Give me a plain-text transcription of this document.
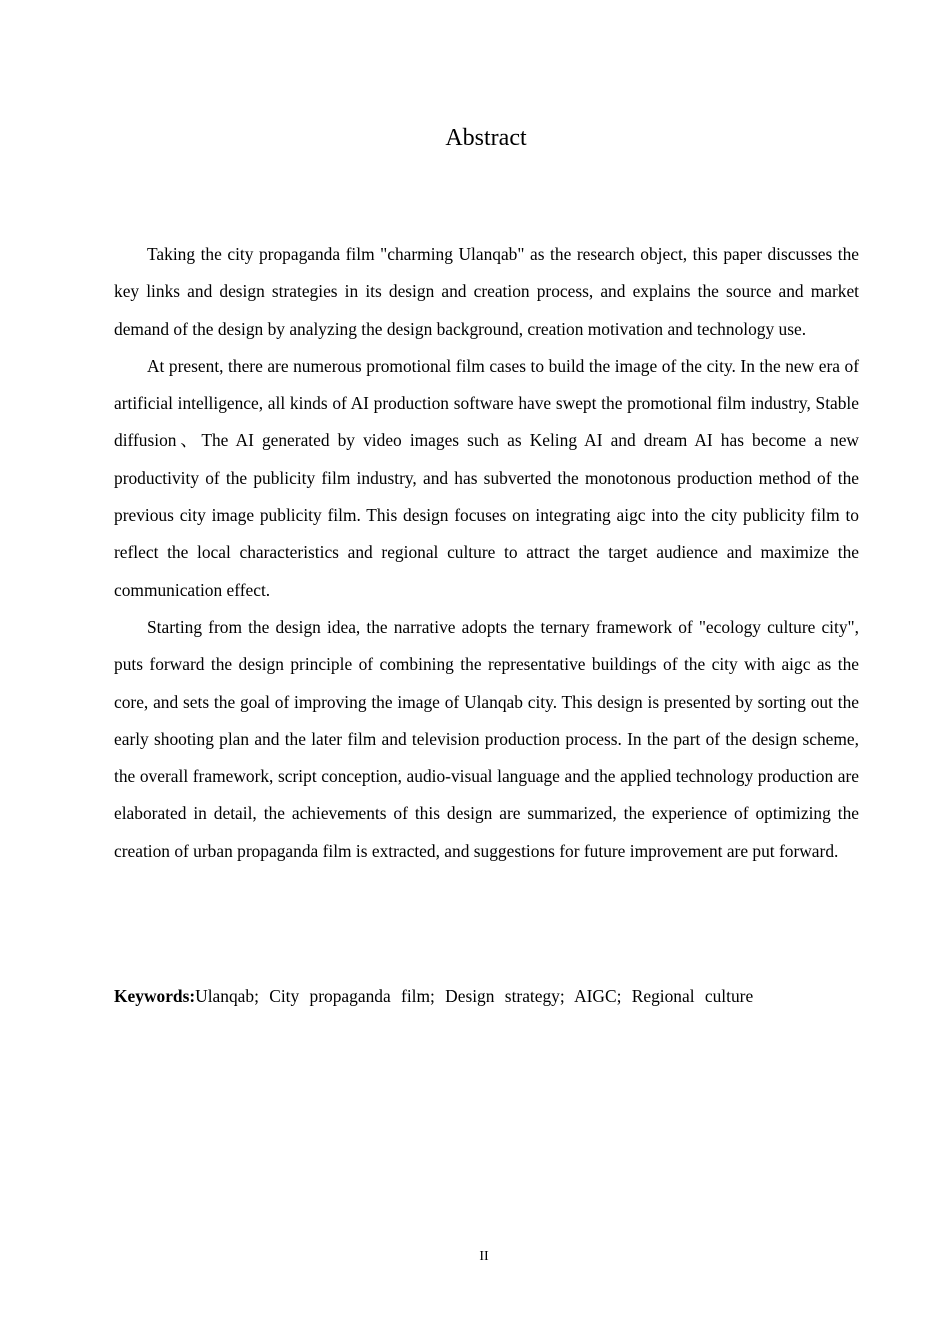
Abstract

Taking the city propaganda film "charming Ulanqab" as the research object, this paper discusses the key links and design strategies in its design and creation process, and explains the source and market demand of the design by analyzing the design background, creation motivation and technology use.

At present, there are numerous promotional film cases to build the image of the city. In the new era of artificial intelligence, all kinds of AI production software have swept the promotional film industry, Stable diffusion、The AI generated by video images such as Keling AI and dream AI has become a new productivity of the publicity film industry, and has subverted the monotonous production method of the previous city image publicity film. This design focuses on integrating aigc into the city publicity film to reflect the local characteristics and regional culture to attract the target audience and maximize the communication effect.

Starting from the design idea, the narrative adopts the ternary framework of "ecology culture city", puts forward the design principle of combining the representative buildings of the city with aigc as the core, and sets the goal of improving the image of Ulanqab city. This design is presented by sorting out the early shooting plan and the later film and television production process. In the part of the design scheme, the overall framework, script conception, audio-visual language and the applied technology production are elaborated in detail, the achievements of this design are summarized, the experience of optimizing the creation of urban propaganda film is extracted, and suggestions for future improvement are put forward.

Keywords:Ulanqab; City propaganda film; Design strategy; AIGC; Regional culture

II
